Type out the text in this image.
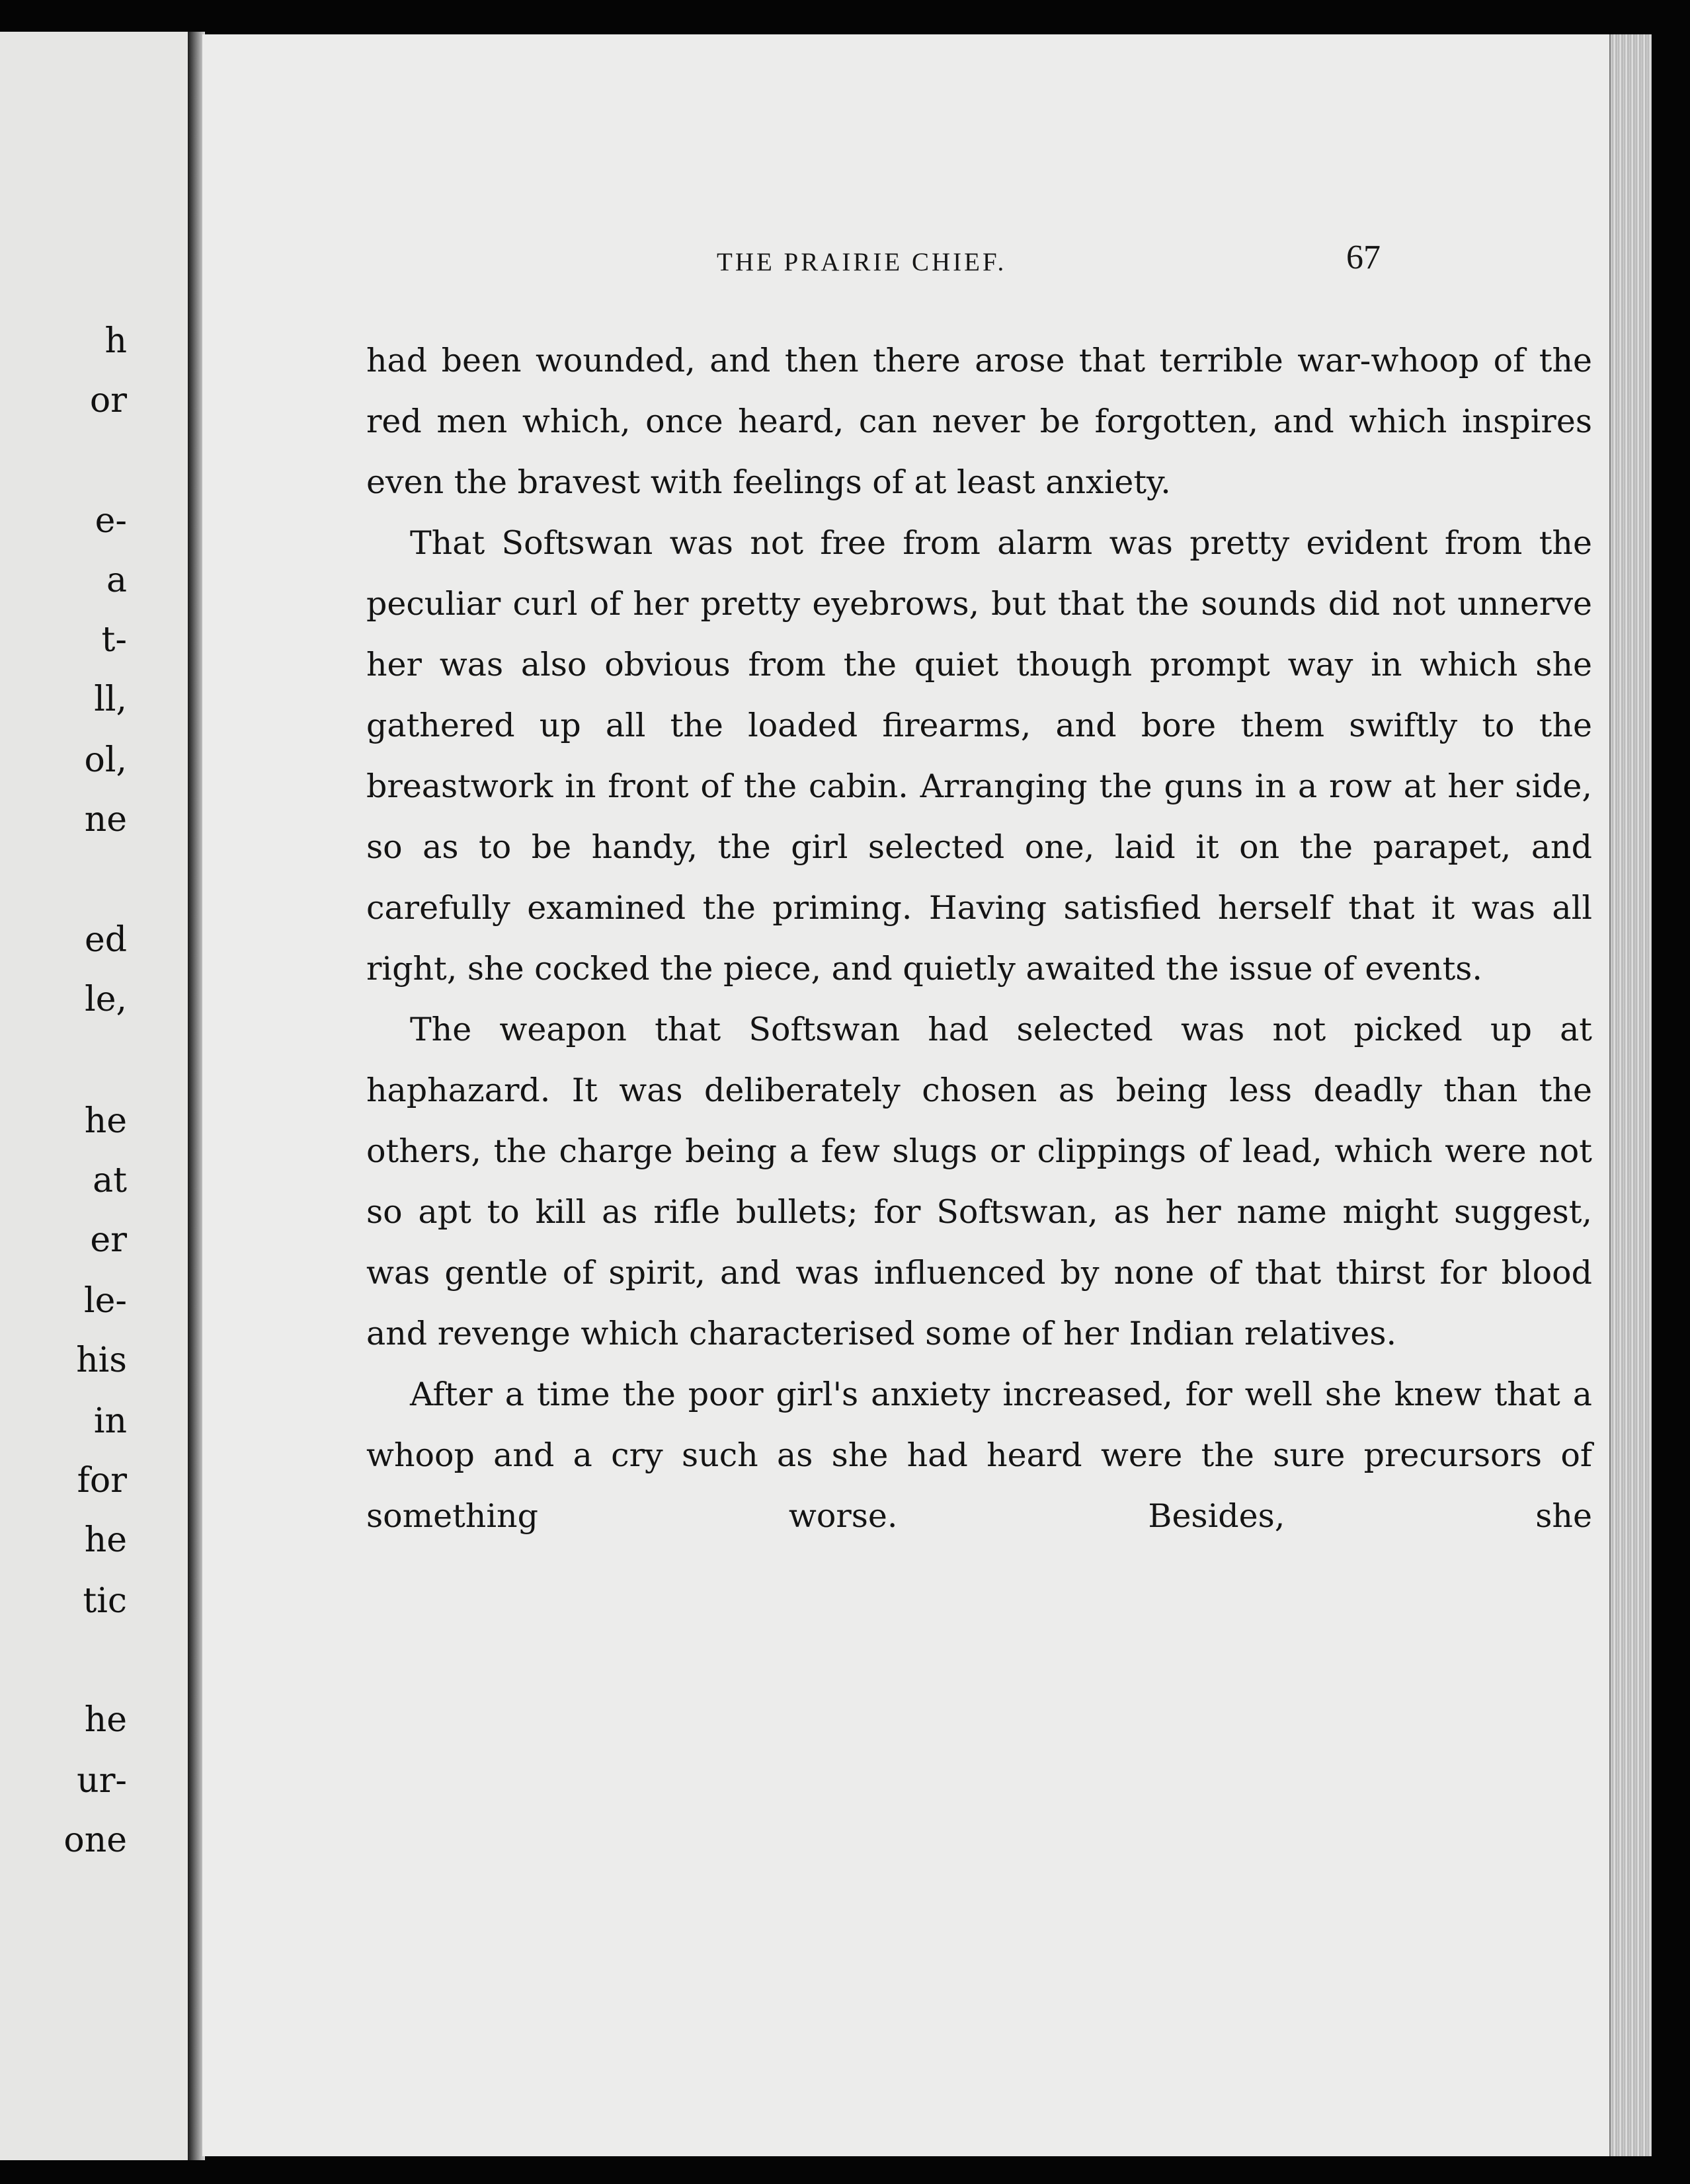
h
or
e-
a
t-
ll,
ol,
ne
ed
le,
he
at
er
le-
his
in
for
he
tic
he
ur-
one
THE PRAIRIE CHIEF.	67

had been wounded, and then there arose that terrible war-whoop of the red men which, once heard, can never be forgotten, and which inspires even the bravest with feelings of at least anxiety.

That Softswan was not free from alarm was pretty evident from the peculiar curl of her pretty eyebrows, but that the sounds did not unnerve her was also obvious from the quiet though prompt way in which she gathered up all the loaded firearms, and bore them swiftly to the breastwork in front of the cabin. Arranging the guns in a row at her side, so as to be handy, the girl selected one, laid it on the parapet, and carefully examined the priming. Having satisfied herself that it was all right, she cocked the piece, and quietly awaited the issue of events.

The weapon that Softswan had selected was not picked up at haphazard. It was deliberately chosen as being less deadly than the others, the charge being a few slugs or clippings of lead, which were not so apt to kill as rifle bullets; for Softswan, as her name might suggest, was gentle of spirit, and was influenced by none of that thirst for blood and revenge which characterised some of her Indian relatives.

After a time the poor girl's anxiety increased, for well she knew that a whoop and a cry such as she had heard were the sure precursors of something worse. Besides, she
